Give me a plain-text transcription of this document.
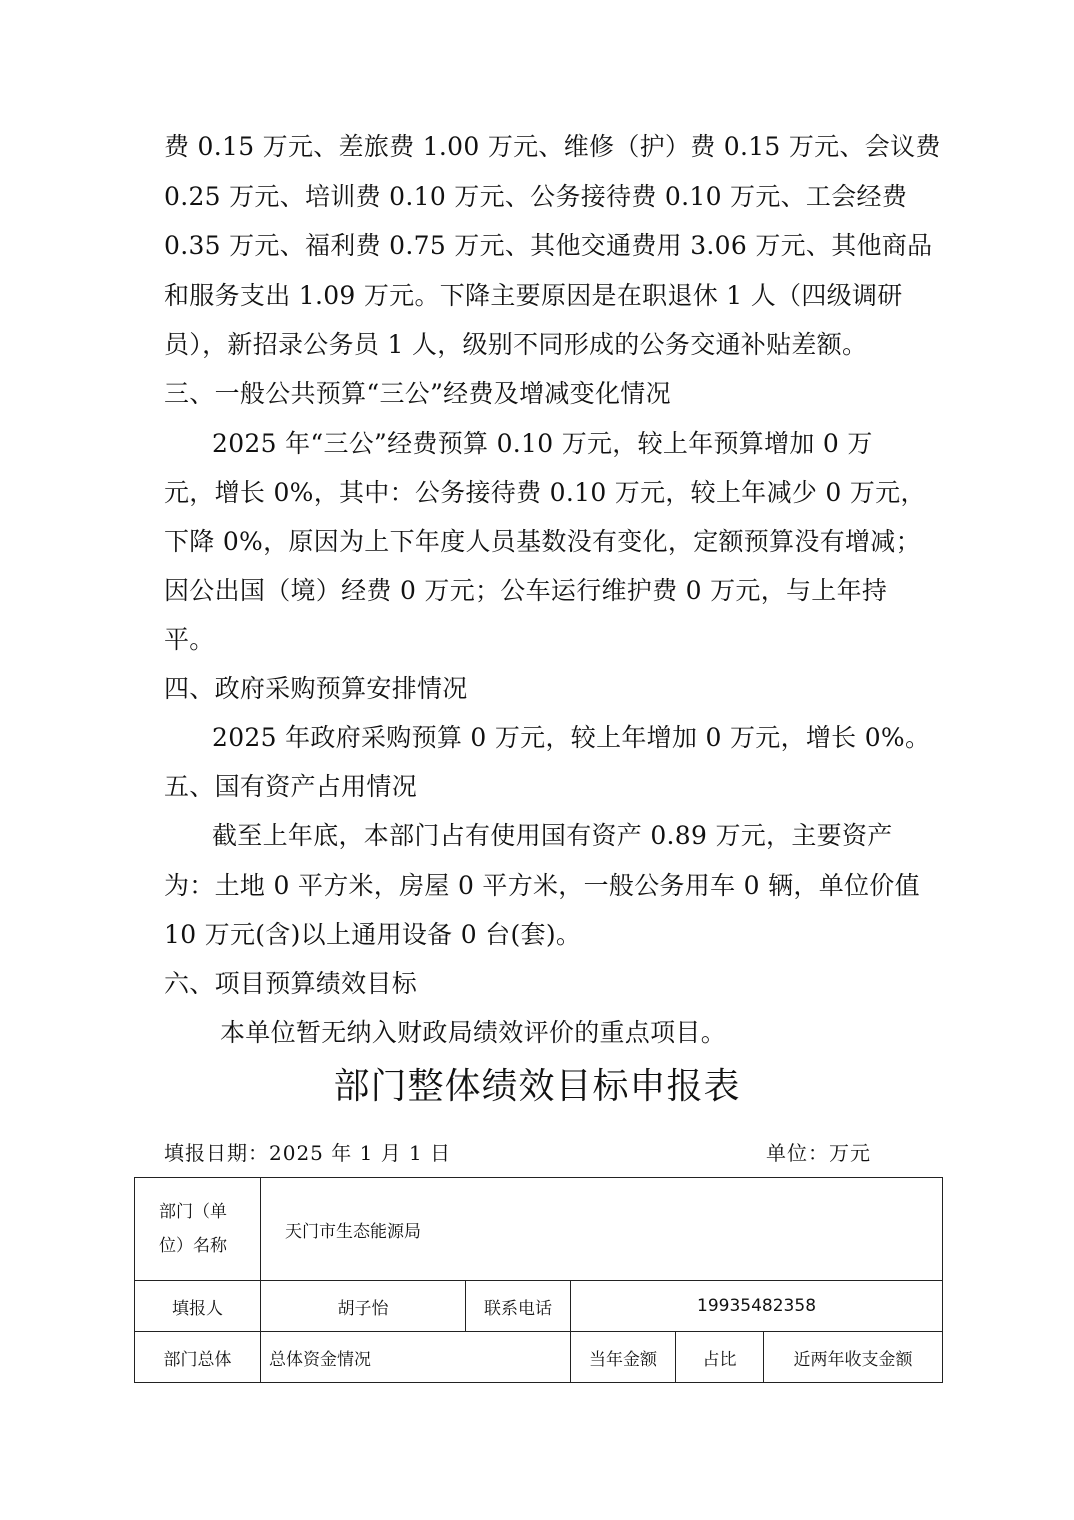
费 0.15 万元、差旅费 1.00 万元、维修（护）费 0.15 万元、会议费
0.25 万元、培训费 0.10 万元、公务接待费 0.10 万元、工会经费
0.35 万元、福利费 0.75 万元、其他交通费用 3.06 万元、其他商品
和服务支出 1.09 万元。下降主要原因是在职退休 1 人（四级调研
员），新招录公务员 1 人，级别不同形成的公务交通补贴差额。
三、一般公共预算“三公”经费及增减变化情况
2025 年“三公”经费预算 0.10 万元，较上年预算增加 0 万
元，增长 0%，其中：公务接待费 0.10 万元，较上年减少 0 万元，
下降 0%，原因为上下年度人员基数没有变化，定额预算没有增减；
因公出国（境）经费 0 万元；公车运行维护费 0 万元，与上年持
平。
四、政府采购预算安排情况
2025 年政府采购预算 0 万元，较上年增加 0 万元，增长 0%。
五、国有资产占用情况
截至上年底，本部门占有使用国有资产 0.89 万元，主要资产
为：土地 0 平方米，房屋 0 平方米，一般公务用车 0 辆，单位价值
10 万元(含)以上通用设备 0 台(套)。
六、项目预算绩效目标
本单位暂无纳入财政局绩效评价的重点项目。
部门整体绩效目标申报表
填报日期：2025 年 1 月 1 日	单位：万元
部门（单位）名称	天门市生态能源局				
填报人	胡子怡	联系电话	19935482358		
部门总体	总体资金情况		当年金额	占比	近两年收支金额
